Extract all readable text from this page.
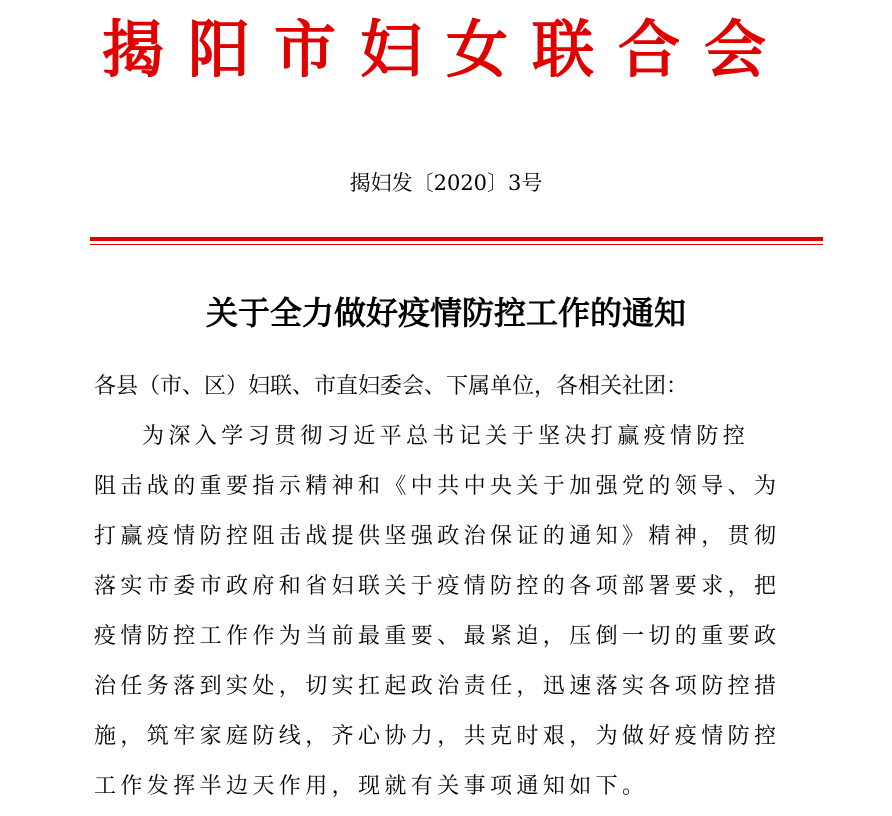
揭阳市妇女联合会
揭妇发〔2020〕3号
关于全力做好疫情防控工作的通知
各县（市、区）妇联、市直妇委会、下属单位，各相关社团：
为深入学习贯彻习近平总书记关于坚决打赢疫情防控
阻击战的重要指示精神和《中共中央关于加强党的领导、为
打赢疫情防控阻击战提供坚强政治保证的通知》精神，贯彻
落实市委市政府和省妇联关于疫情防控的各项部署要求，把
疫情防控工作作为当前最重要、最紧迫，压倒一切的重要政
治任务落到实处，切实扛起政治责任，迅速落实各项防控措
施，筑牢家庭防线，齐心协力，共克时艰，为做好疫情防控
工作发挥半边天作用，现就有关事项通知如下。
